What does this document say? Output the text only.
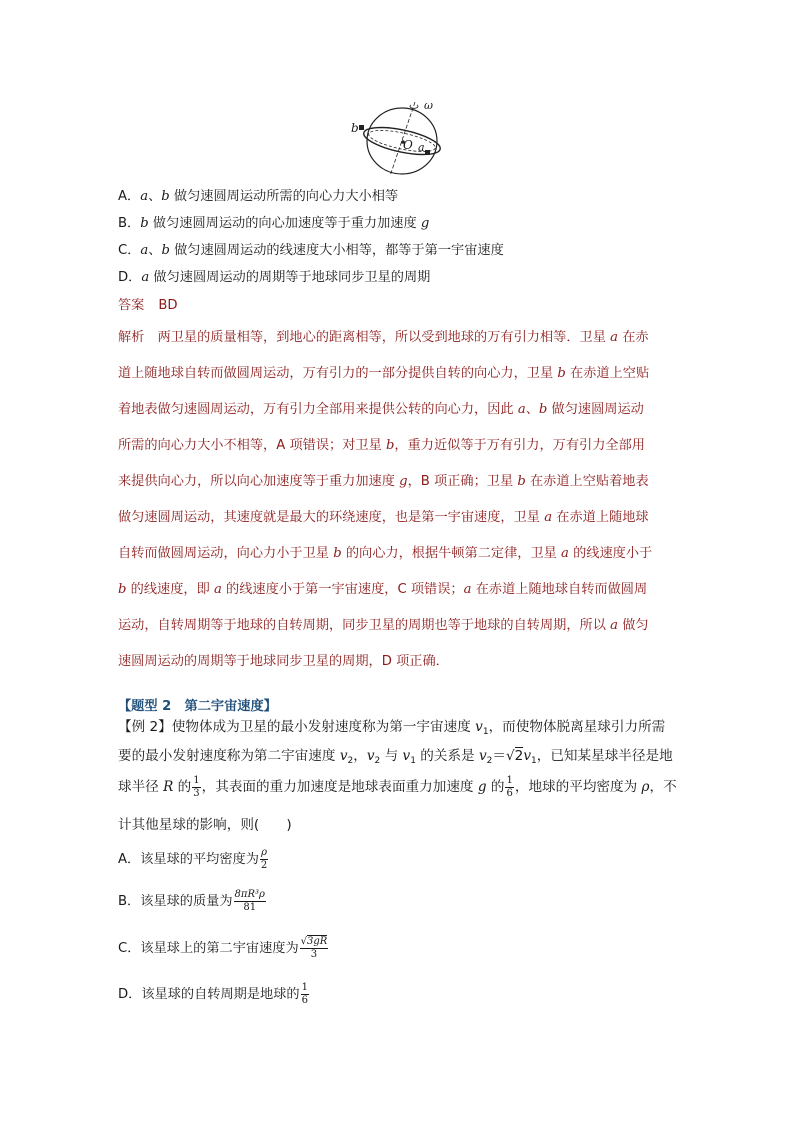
ω
b
O a
A．a、b 做匀速圆周运动所需的向心力大小相等
B．b 做匀速圆周运动的向心加速度等于重力加速度 g
C．a、b 做匀速圆周运动的线速度大小相等，都等于第一宇宙速度
D．a 做匀速圆周运动的周期等于地球同步卫星的周期
答案 BD
解析　两卫星的质量相等，到地心的距离相等，所以受到地球的万有引力相等．卫星 a 在赤
道上随地球自转而做圆周运动，万有引力的一部分提供自转的向心力，卫星 b 在赤道上空贴
着地表做匀速圆周运动，万有引力全部用来提供公转的向心力，因此 a、b 做匀速圆周运动
所需的向心力大小不相等，A 项错误；对卫星 b，重力近似等于万有引力，万有引力全部用
来提供向心力，所以向心加速度等于重力加速度 g，B 项正确；卫星 b 在赤道上空贴着地表
做匀速圆周运动，其速度就是最大的环绕速度，也是第一宇宙速度，卫星 a 在赤道上随地球
自转而做圆周运动，向心力小于卫星 b 的向心力，根据牛顿第二定律，卫星 a 的线速度小于
b 的线速度，即 a 的线速度小于第一宇宙速度，C 项错误；a 在赤道上随地球自转而做圆周
运动，自转周期等于地球的自转周期，同步卫星的周期也等于地球的自转周期，所以 a 做匀
速圆周运动的周期等于地球同步卫星的周期，D 项正确．
【题型 2　第二宇宙速度】
【例 2】使物体成为卫星的最小发射速度称为第一宇宙速度 $v_1$，而使物体脱离星球引力所需
要的最小发射速度称为第二宇宙速度 $v_2$，$v_2$ 与 $v_1$ 的关系是 $v_2=√2v_1$，已知某星球半径是地
球半径 R 的 $\frac{1}{3}$ ，其表面的重力加速度是地球表面重力加速度 g 的 $\frac{1}{6}$ ，地球的平均密度为 ρ，不
计其他星球的影响，则(　　)
A．该星球的平均密度为 $\frac{\rho}{2}$
B．该星球的质量为 $\frac{\text{8πR³ρ}}{81}$
C．该星球上的第二宇宙速度为 $\frac{√3gR}{3}$
D．该星球的自转周期是地球的 $\frac{1}{6}$
